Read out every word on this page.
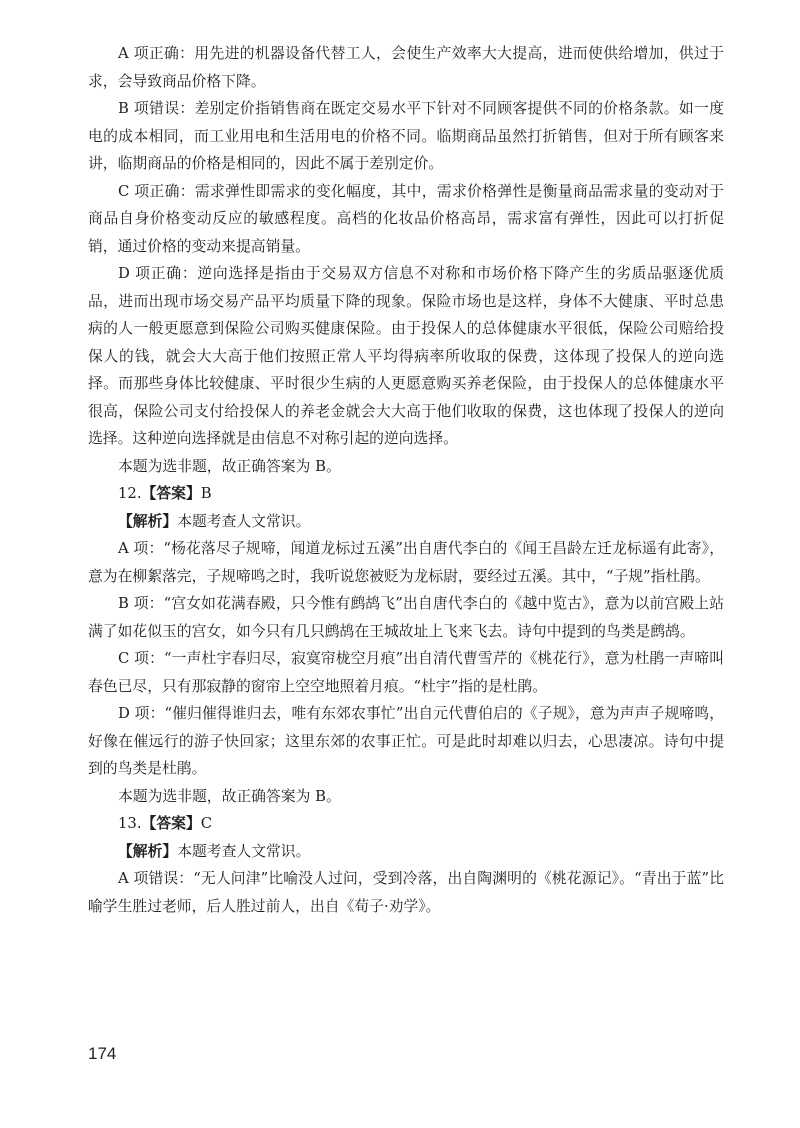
A 项正确：用先进的机器设备代替工人，会使生产效率大大提高，进而使供给增加，供过于求，会导致商品价格下降。

B 项错误：差别定价指销售商在既定交易水平下针对不同顾客提供不同的价格条款。如一度电的成本相同，而工业用电和生活用电的价格不同。临期商品虽然打折销售，但对于所有顾客来讲，临期商品的价格是相同的，因此不属于差别定价。

C 项正确：需求弹性即需求的变化幅度，其中，需求价格弹性是衡量商品需求量的变动对于商品自身价格变动反应的敏感程度。高档的化妆品价格高昂，需求富有弹性，因此可以打折促销，通过价格的变动来提高销量。

D 项正确：逆向选择是指由于交易双方信息不对称和市场价格下降产生的劣质品驱逐优质品，进而出现市场交易产品平均质量下降的现象。保险市场也是这样，身体不大健康、平时总患病的人一般更愿意到保险公司购买健康保险。由于投保人的总体健康水平很低，保险公司赔给投保人的钱，就会大大高于他们按照正常人平均得病率所收取的保费，这体现了投保人的逆向选择。而那些身体比较健康、平时很少生病的人更愿意购买养老保险，由于投保人的总体健康水平很高，保险公司支付给投保人的养老金就会大大高于他们收取的保费，这也体现了投保人的逆向选择。这种逆向选择就是由信息不对称引起的逆向选择。

本题为选非题，故正确答案为 B。

12.【答案】B

【解析】本题考查人文常识。

A 项：“杨花落尽子规啼，闻道龙标过五溪”出自唐代李白的《闻王昌龄左迁龙标遥有此寄》，意为在柳絮落完，子规啼鸣之时，我听说您被贬为龙标尉，要经过五溪。其中，“子规”指杜鹃。

B 项：“宫女如花满春殿，只今惟有鹧鸪飞”出自唐代李白的《越中览古》，意为以前宫殿上站满了如花似玉的宫女，如今只有几只鹧鸪在王城故址上飞来飞去。诗句中提到的鸟类是鹧鸪。

C 项：“一声杜宇春归尽，寂寞帘栊空月痕”出自清代曹雪芹的《桃花行》，意为杜鹃一声啼叫春色已尽，只有那寂静的窗帘上空空地照着月痕。“杜宇”指的是杜鹃。

D 项：“催归催得谁归去，唯有东郊农事忙”出自元代曹伯启的《子规》，意为声声子规啼鸣，好像在催远行的游子快回家；这里东郊的农事正忙。可是此时却难以归去，心思凄凉。诗句中提到的鸟类是杜鹃。

本题为选非题，故正确答案为 B。

13.【答案】C

【解析】本题考查人文常识。

A 项错误：“无人问津”比喻没人过问，受到冷落，出自陶渊明的《桃花源记》。“青出于蓝”比喻学生胜过老师，后人胜过前人，出自《荀子·劝学》。

174
